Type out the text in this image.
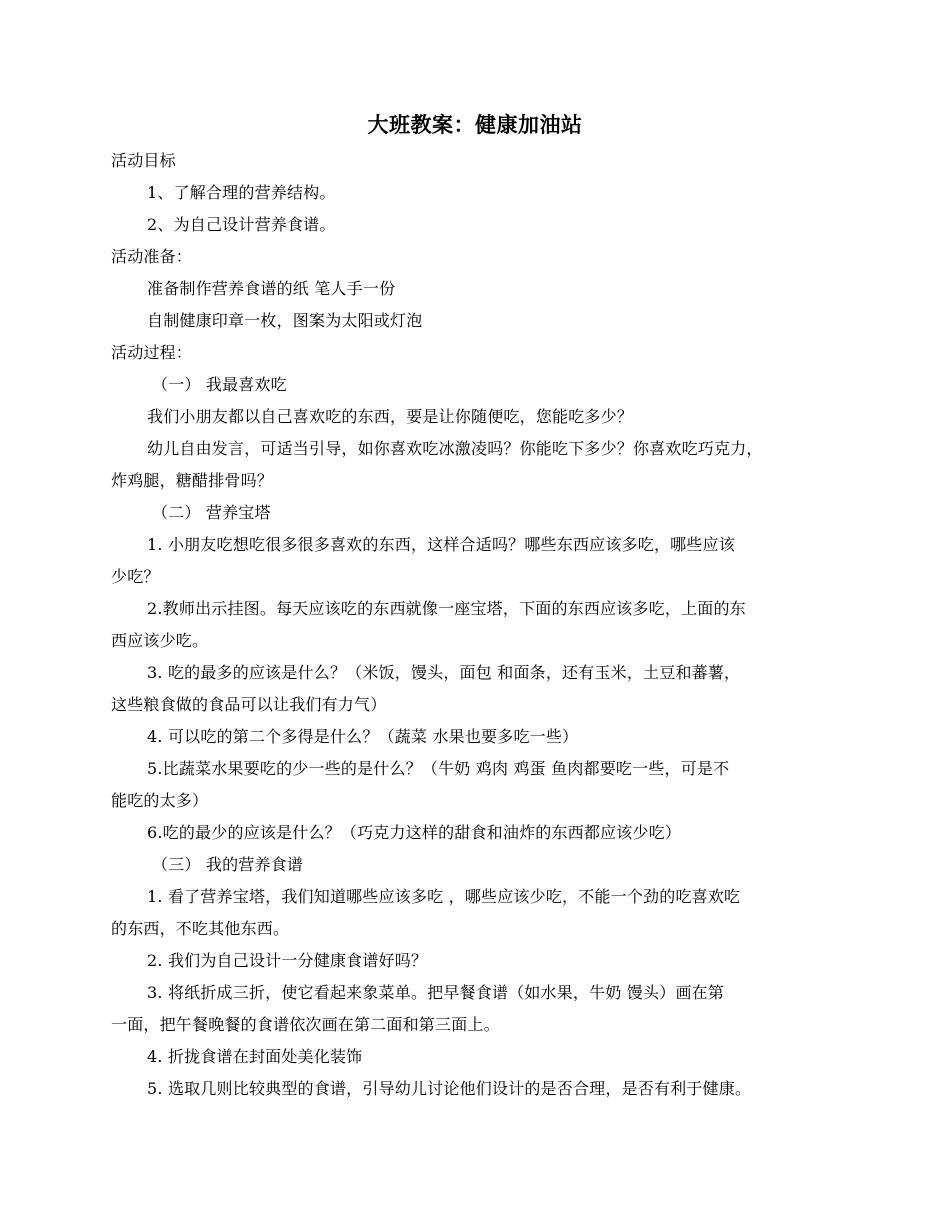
大班教案：健康加油站
活动目标
1、了解合理的营养结构。
2、为自己设计营养食谱。
活动准备：
准备制作营养食谱的纸 笔人手一份
自制健康印章一枚，图案为太阳或灯泡
活动过程：
（一） 我最喜欢吃
我们小朋友都以自己喜欢吃的东西，要是让你随便吃，您能吃多少？
幼儿自由发言，可适当引导，如你喜欢吃冰激凌吗？你能吃下多少？你喜欢吃巧克力，
炸鸡腿，糖醋排骨吗？
（二） 营养宝塔
1. 小朋友吃想吃很多很多喜欢的东西，这样合适吗？哪些东西应该多吃，哪些应该
少吃？
2.教师出示挂图。每天应该吃的东西就像一座宝塔，下面的东西应该多吃，上面的东
西应该少吃。
3. 吃的最多的应该是什么？（米饭，馒头，面包 和面条，还有玉米，土豆和蕃薯，
这些粮食做的食品可以让我们有力气）
4. 可以吃的第二个多得是什么？（蔬菜 水果也要多吃一些）
5.比蔬菜水果要吃的少一些的是什么？（牛奶 鸡肉 鸡蛋 鱼肉都要吃一些，可是不
能吃的太多）
6.吃的最少的应该是什么？（巧克力这样的甜食和油炸的东西都应该少吃）
（三） 我的营养食谱
1. 看了营养宝塔，我们知道哪些应该多吃 ，哪些应该少吃，不能一个劲的吃喜欢吃
的东西，不吃其他东西。
2. 我们为自己设计一分健康食谱好吗？
3. 将纸折成三折，使它看起来象菜单。把早餐食谱（如水果，牛奶 馒头）画在第
一面，把午餐晚餐的食谱依次画在第二面和第三面上。
4. 折拢食谱在封面处美化装饰
5. 选取几则比较典型的食谱，引导幼儿讨论他们设计的是否合理，是否有利于健康。
